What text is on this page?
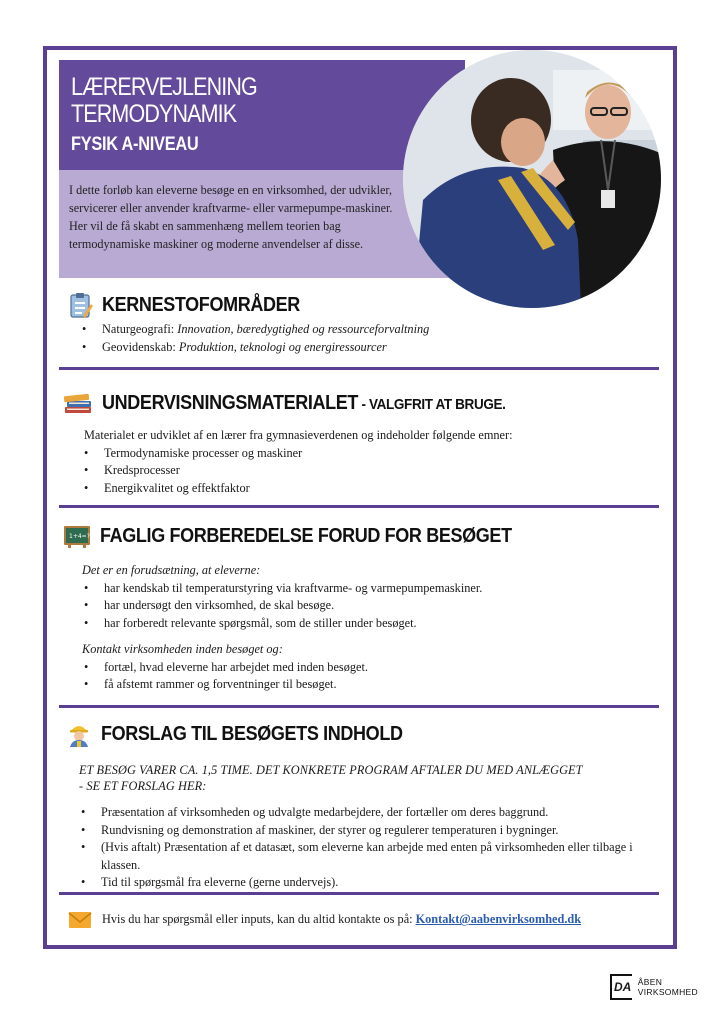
LÆRERVEJLENING
TERMODYNAMIK
FYSIK A-NIVEAU
I dette forløb kan eleverne besøge en en virksomhed, der udvikler, servicerer eller anvender kraftvarme- eller varmepumpe-maskiner. Her vil de få skabt en sammenhæng mellem teorien bag termodynamiske maskiner og moderne anvendelser af disse.
KERNESTOFOMRÅDER
• Naturgeografi: Innovation, bæredygtighed og ressourceforvaltning
• Geovidenskab: Produktion, teknologi og energiressourcer
UNDERVISNINGSMATERIALET - VALGFRIT AT BRUGE.
Materialet er udviklet af en lærer fra gymnasieverdenen og indeholder følgende emner:
• Termodynamiske processer og maskiner
• Kredsprocesser
• Energikvalitet og effektfaktor
1+4=? FAGLIG FORBEREDELSE FORUD FOR BESØGET
Det er en forudsætning, at eleverne:
• har kendskab til temperaturstyring via kraftvarme- og varmepumpemaskiner.
• har undersøgt den virksomhed, de skal besøge.
• har forberedt relevante spørgsmål, som de stiller under besøget.
Kontakt virksomheden inden besøget og:
• fortæl, hvad eleverne har arbejdet med inden besøget.
• få afstemt rammer og forventninger til besøget.
FORSLAG TIL BESØGETS INDHOLD
ET BESØG VARER CA. 1,5 TIME. DET KONKRETE PROGRAM AFTALER DU MED ANLÆGGET
- SE ET FORSLAG HER:
• Præsentation af virksomheden og udvalgte medarbejdere, der fortæller om deres baggrund.
• Rundvisning og demonstration af maskiner, der styrer og regulerer temperaturen i bygninger.
• (Hvis aftalt) Præsentation af et datasæt, som eleverne kan arbejde med enten på virksomheden eller tilbage i klassen.
• Tid til spørgsmål fra eleverne (gerne undervejs).
Hvis du har spørgsmål eller inputs, kan du altid kontakte os på: Kontakt@aabenvirksomhed.dk
DA ÅBEN VIRKSOMHED
